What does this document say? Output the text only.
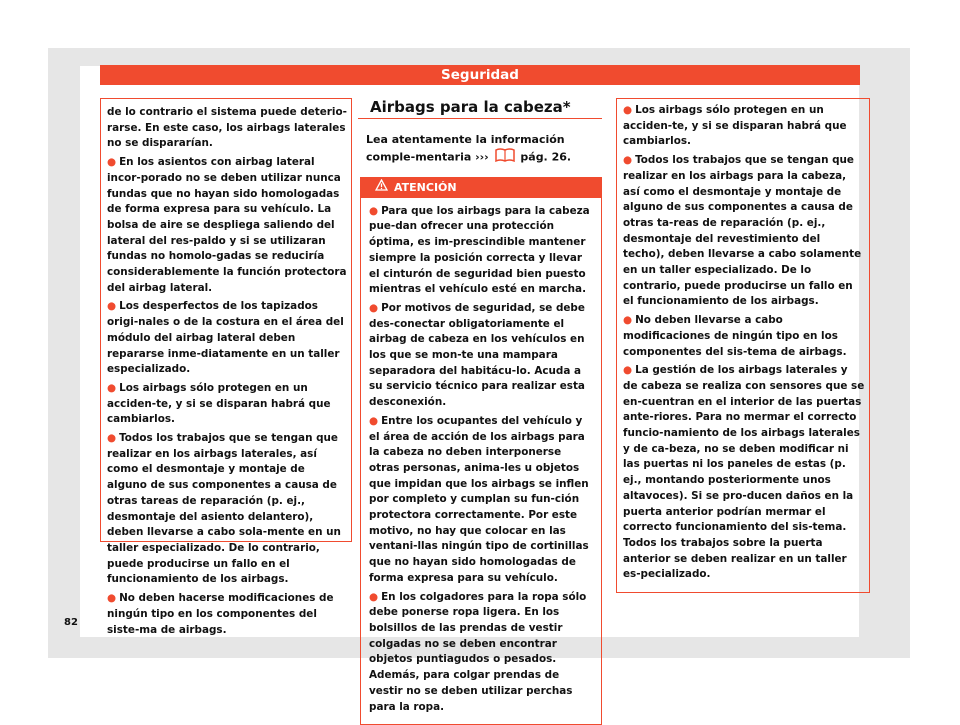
Seguridad

de lo contrario el sistema puede deterio-rarse. En este caso, los airbags laterales no se dispararían.

● En los asientos con airbag lateral incor-porado no se deben utilizar nunca fundas que no hayan sido homologadas de forma expresa para su vehículo. La bolsa de aire se despliega saliendo del lateral del res-paldo y si se utilizaran fundas no homolo-gadas se reduciría considerablemente la función protectora del airbag lateral.

● Los desperfectos de los tapizados origi-nales o de la costura en el área del módulo del airbag lateral deben repararse inme-diatamente en un taller especializado.

● Los airbags sólo protegen en un acciden-te, y si se disparan habrá que cambiarlos.

● Todos los trabajos que se tengan que realizar en los airbags laterales, así como el desmontaje y montaje de alguno de sus componentes a causa de otras tareas de reparación (p. ej., desmontaje del asiento delantero), deben llevarse a cabo sola-mente en un taller especializado. De lo contrario, puede producirse un fallo en el funcionamiento de los airbags.

● No deben hacerse modificaciones de ningún tipo en los componentes del siste-ma de airbags.

Airbags para la cabeza*

Lea atentamente la información comple-mentaria ›››	pág. 26.

ATENCIÓN

● Para que los airbags para la cabeza pue-dan ofrecer una protección óptima, es im-prescindible mantener siempre la posición correcta y llevar el cinturón de seguridad bien puesto mientras el vehículo esté en marcha.

● Por motivos de seguridad, se debe des-conectar obligatoriamente el airbag de cabeza en los vehículos en los que se mon-te una mampara separadora del habitácu-lo. Acuda a su servicio técnico para realizar esta desconexión.

● Entre los ocupantes del vehículo y el área de acción de los airbags para la cabeza no deben interponerse otras personas, anima-les u objetos que impidan que los airbags se inflen por completo y cumplan su fun-ción protectora correctamente. Por este motivo, no hay que colocar en las ventani-llas ningún tipo de cortinillas que no hayan sido homologadas de forma expresa para su vehículo.

● En los colgadores para la ropa sólo debe ponerse ropa ligera. En los bolsillos de las prendas de vestir colgadas no se deben encontrar objetos puntiagudos o pesados. Además, para colgar prendas de vestir no se deben utilizar perchas para la ropa.

● Los airbags sólo protegen en un acciden-te, y si se disparan habrá que cambiarlos.

● Todos los trabajos que se tengan que realizar en los airbags para la cabeza, así como el desmontaje y montaje de alguno de sus componentes a causa de otras ta-reas de reparación (p. ej., desmontaje del revestimiento del techo), deben llevarse a cabo solamente en un taller especializado. De lo contrario, puede producirse un fallo en el funcionamiento de los airbags.

● No deben llevarse a cabo modificaciones de ningún tipo en los componentes del sis-tema de airbags.

● La gestión de los airbags laterales y de cabeza se realiza con sensores que se en-cuentran en el interior de las puertas ante-riores. Para no mermar el correcto funcio-namiento de los airbags laterales y de ca-beza, no se deben modificar ni las puertas ni los paneles de estas (p. ej., montando posteriormente unos altavoces). Si se pro-ducen daños en la puerta anterior podrían mermar el correcto funcionamiento del sis-tema. Todos los trabajos sobre la puerta anterior se deben realizar en un taller es-pecializado.

82
